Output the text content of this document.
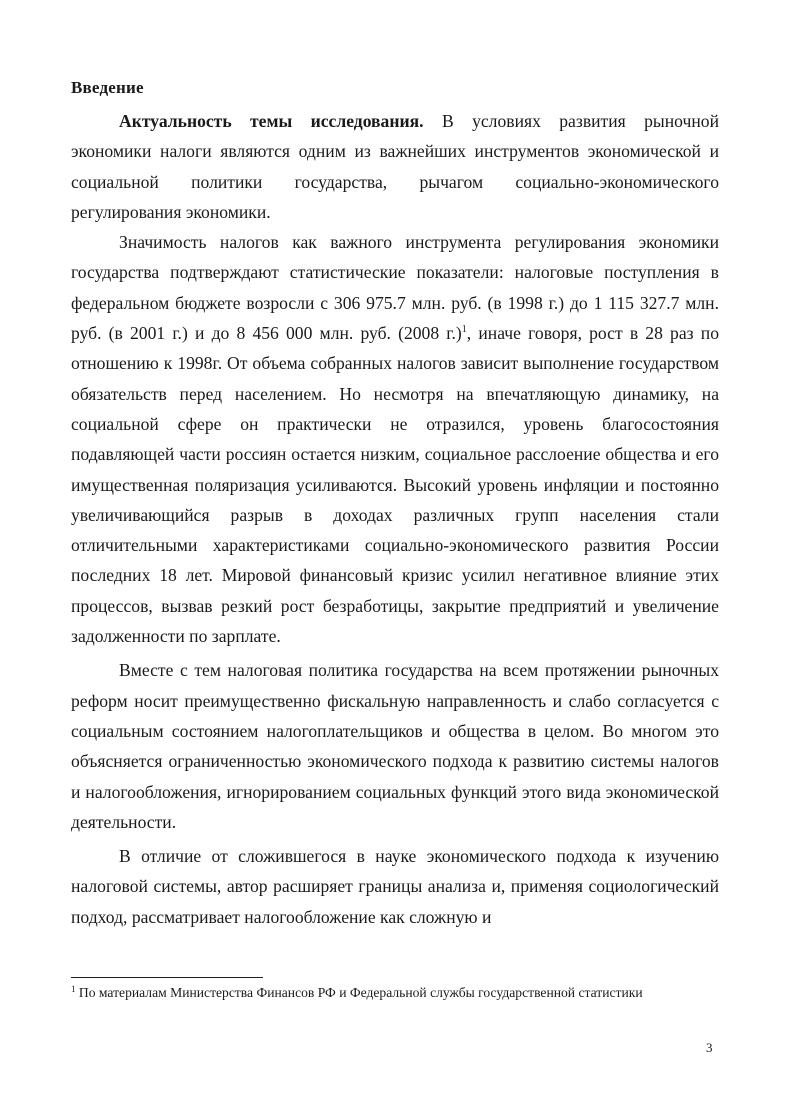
Введение

Актуальность темы исследования. В условиях развития рыночной экономики налоги являются одним из важнейших инструментов экономической и социальной политики государства, рычагом социально-экономического регулирования экономики.

Значимость налогов как важного инструмента регулирования экономики государства подтверждают статистические показатели: налоговые поступления в федеральном бюджете возросли с 306 975.7 млн. руб. (в 1998 г.) до 1 115 327.7 млн. руб. (в 2001 г.) и до 8 456 000 млн. руб. (2008 г.)$^1$, иначе говоря, рост в 28 раз по отношению к 1998г. От объема собранных налогов зависит выполнение государством обязательств перед населением. Но несмотря на впечатляющую динамику, на социальной сфере он практически не отразился, уровень благосостояния подавляющей части россиян остается низким, социальное расслоение общества и его имущественная поляризация усиливаются. Высокий уровень инфляции и постоянно увеличивающийся разрыв в доходах различных групп населения стали отличительными характеристиками социально-экономического развития России последних 18 лет. Мировой финансовый кризис усилил негативное влияние этих процессов, вызвав резкий рост безработицы, закрытие предприятий и увеличение задолженности по зарплате.

Вместе с тем налоговая политика государства на всем протяжении рыночных реформ носит преимущественно фискальную направленность и слабо согласуется с социальным состоянием налогоплательщиков и общества в целом. Во многом это объясняется ограниченностью экономического подхода к развитию системы налогов и налогообложения, игнорированием социальных функций этого вида экономической деятельности.

В отличие от сложившегося в науке экономического подхода к изучению налоговой системы, автор расширяет границы анализа и, применяя социологический подход, рассматривает налогообложение как сложную и

$^1$ По материалам Министерства Финансов РФ и Федеральной службы государственной статистики
3
